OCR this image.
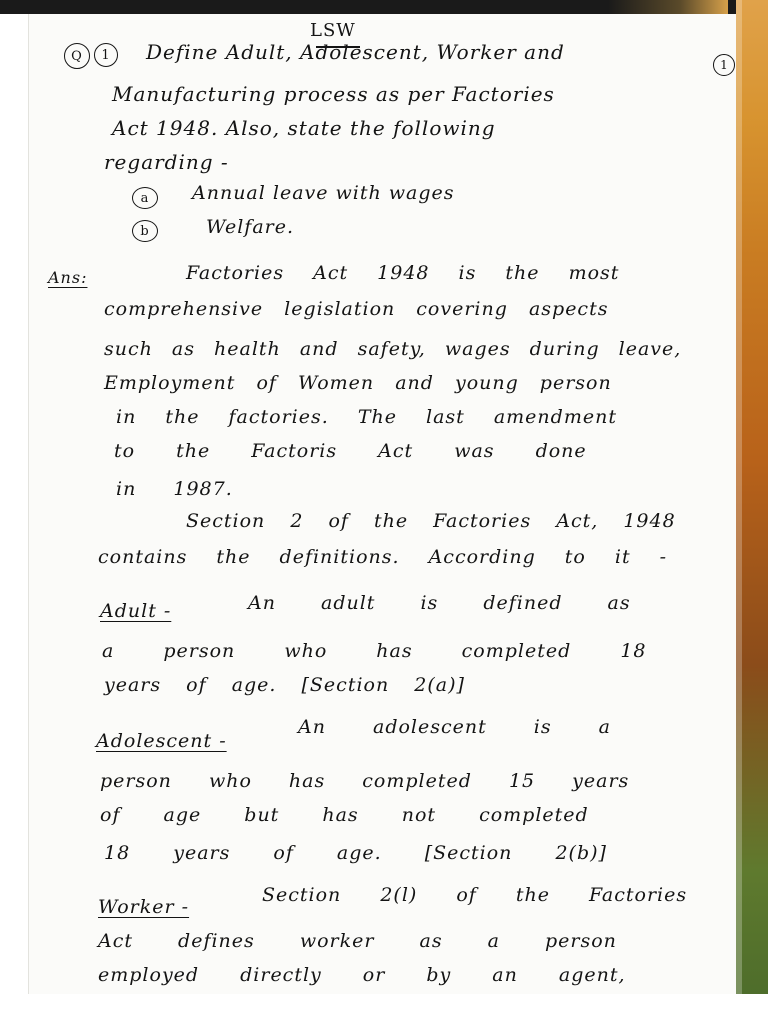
LSW
1
Q	1	Define Adult, Adolescent, Worker and
Manufacturing process as per Factories
Act 1948. Also, state the following
regarding -
a	Annual leave with wages
b	Welfare.
Ans:	Factories Act 1948 is the most
comprehensive legislation covering aspects
such as health and safety, wages during leave,
Employment of Women and young person
in the factories. The last amendment
to the Factoris Act was done
in 1987.
Section 2 of the Factories Act, 1948
contains the definitions. According to it -
Adult -	An adult is defined as
a person who has completed 18
years of age. [Section 2(a)]
Adolescent -
An adolescent is a
person who has completed 15 years
of age but has not completed
18 years of age. [Section 2(b)]
Worker -
Section 2(l) of the Factories
Act defines worker as a person
employed directly or by an agent,
